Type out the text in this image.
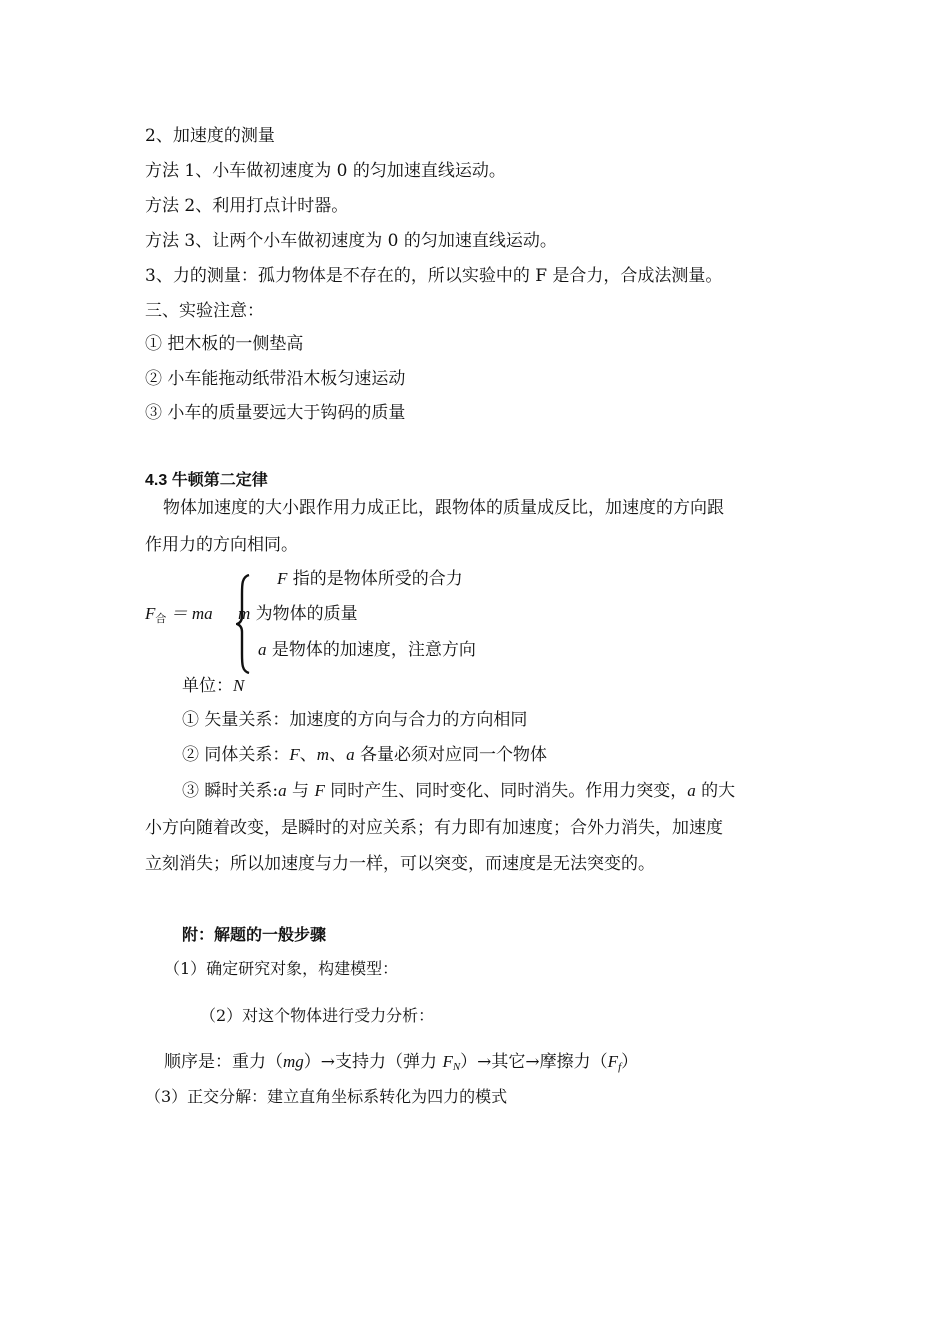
2、加速度的测量
方法 1、小车做初速度为 0 的匀加速直线运动。
方法 2、利用打点计时器。
方法 3、让两个小车做初速度为 0 的匀加速直线运动。
3、力的测量：孤力物体是不存在的，所以实验中的 F 是合力，合成法测量。
三、实验注意：
① 把木板的一侧垫高
② 小车能拖动纸带沿木板匀速运动
③ 小车的质量要远大于钩码的质量
4.3 牛顿第二定律
物体加速度的大小跟作用力成正比，跟物体的质量成反比，加速度的方向跟
作用力的方向相同。
F 指的是物体所受的合力
$F_合$ ＝ ma m 为物体的质量
a 是物体的加速度，注意方向
单位：N
① 矢量关系：加速度的方向与合力的方向相同
② 同体关系：F、m、a 各量必须对应同一个物体
③ 瞬时关系:a 与 F 同时产生、同时变化、同时消失。作用力突变，a 的大
小方向随着改变，是瞬时的对应关系；有力即有加速度；合外力消失，加速度
立刻消失；所以加速度与力一样，可以突变，而速度是无法突变的。
附：解题的一般步骤
（1）确定研究对象，构建模型：
（2）对这个物体进行受力分析：
顺序是：重力（mg）→支持力（弹力 $F_N)\to$其它→摩擦力$(F_f)$
（3）正交分解：建立直角坐标系转化为四力的模式
